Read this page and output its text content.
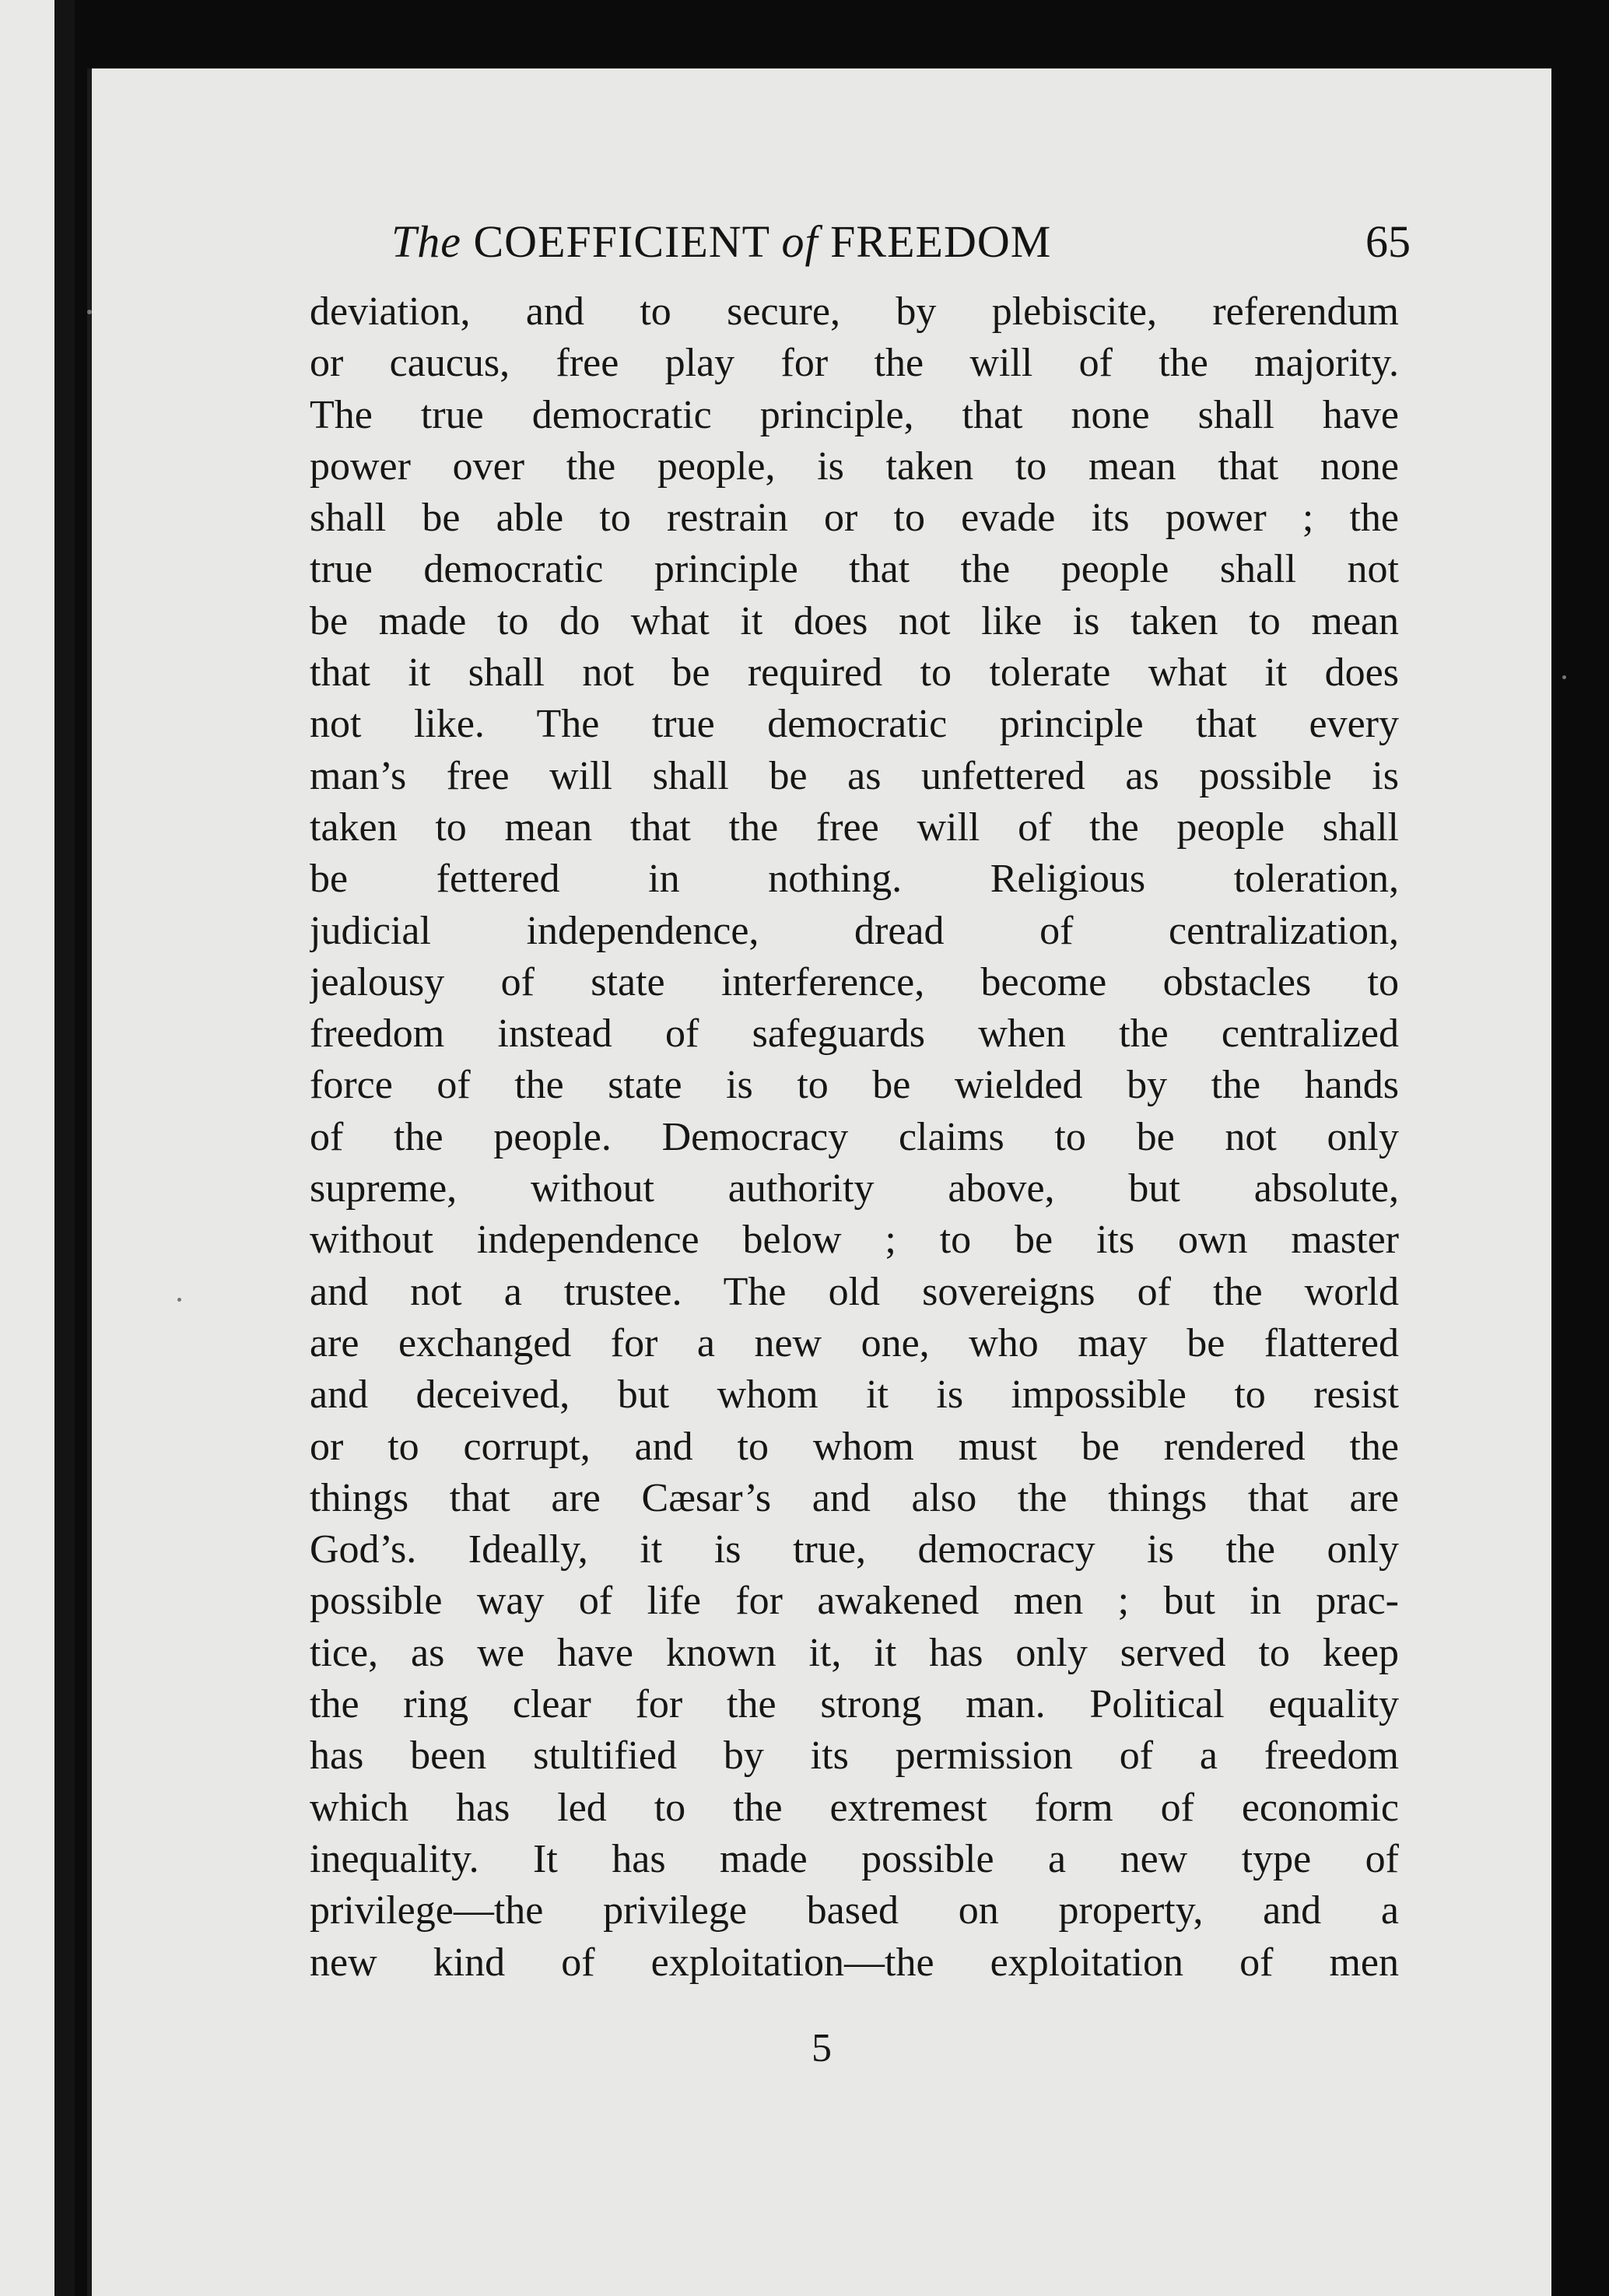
The COEFFICIENT of FREEDOM	65
deviation, and to secure, by plebiscite, referendum
or caucus, free play for the will of the majority.
The true democratic principle, that none shall have
power over the people, is taken to mean that none
shall be able to restrain or to evade its power ; the
true democratic principle that the people shall not
be made to do what it does not like is taken to mean
that it shall not be required to tolerate what it does
not like. The true democratic principle that every
man’s free will shall be as unfettered as possible is
taken to mean that the free will of the people shall
be fettered in nothing. Religious toleration,
judicial independence, dread of centralization,
jealousy of state interference, become obstacles to
freedom instead of safeguards when the centralized
force of the state is to be wielded by the hands
of the people. Democracy claims to be not only
supreme, without authority above, but absolute,
without independence below ; to be its own master
and not a trustee. The old sovereigns of the world
are exchanged for a new one, who may be flattered
and deceived, but whom it is impossible to resist
or to corrupt, and to whom must be rendered the
things that are Cæsar’s and also the things that are
God’s. Ideally, it is true, democracy is the only
possible way of life for awakened men ; but in prac-
tice, as we have known it, it has only served to keep
the ring clear for the strong man. Political equality
has been stultified by its permission of a freedom
which has led to the extremest form of economic
inequality. It has made possible a new type of
privilege—the privilege based on property, and a
new kind of exploitation—the exploitation of men
5
